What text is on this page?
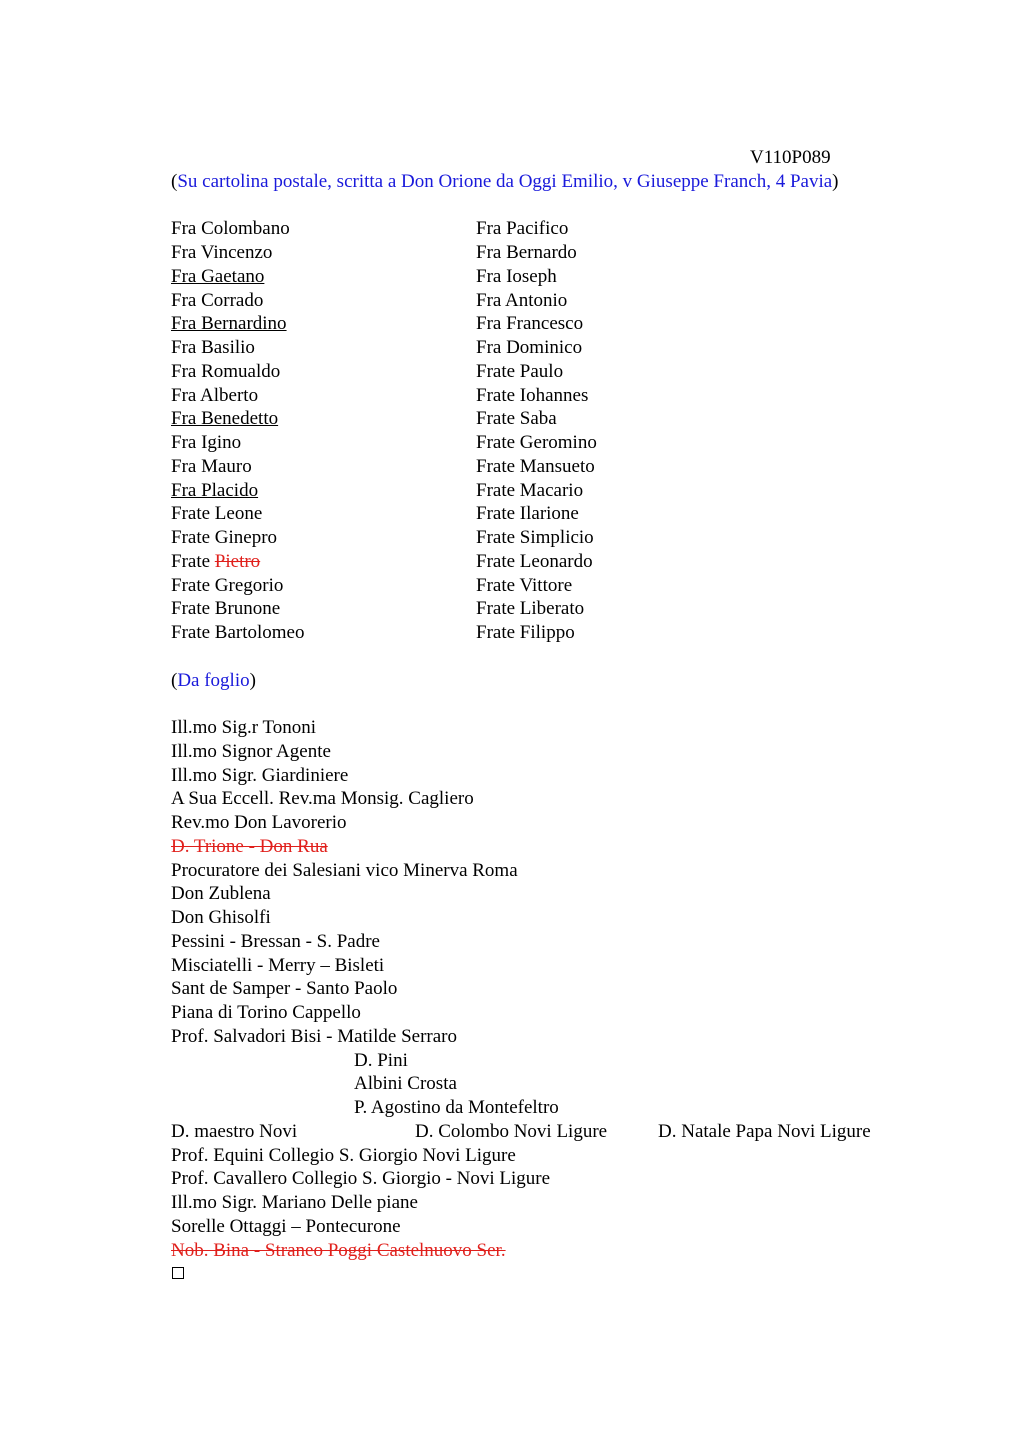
V110P089
(Su cartolina postale, scritta a Don Orione da Oggi Emilio, v Giuseppe Franch, 4 Pavia)
Fra Colombano
Fra Vincenzo
Fra Gaetano
Fra Corrado
Fra Bernardino
Fra Basilio
Fra Romualdo
Fra Alberto
Fra Benedetto
Fra Igino
Fra Mauro
Fra Placido
Frate Leone
Frate Ginepro
Frate Pietro
Frate Gregorio
Frate Brunone
Frate Bartolomeo
Fra Pacifico
Fra Bernardo
Fra Ioseph
Fra Antonio
Fra Francesco
Fra Dominico
Frate Paulo
Frate Iohannes
Frate Saba
Frate Geromino
Frate Mansueto
Frate Macario
Frate Ilarione
Frate Simplicio
Frate Leonardo
Frate Vittore
Frate Liberato
Frate Filippo
(Da foglio)
Ill.mo Sig.r Tononi
Ill.mo Signor Agente
Ill.mo Sigr. Giardiniere
A Sua Eccell. Rev.ma Monsig. Cagliero
Rev.mo Don Lavorerio
D. Trione - Don Rua
Procuratore dei Salesiani vico Minerva Roma
Don Zublena
Don Ghisolfi
Pessini - Bressan - S. Padre
Misciatelli - Merry – Bisleti
Sant de Samper - Santo Paolo
Piana di Torino Cappello
Prof. Salvadori Bisi - Matilde Serraro
D. Pini
Albini Crosta
P. Agostino da Montefeltro
D. maestro Novi	D. Colombo Novi Ligure	D. Natale Papa Novi Ligure
Prof. Equini Collegio S. Giorgio Novi Ligure
Prof. Cavallero Collegio S. Giorgio - Novi Ligure
Ill.mo Sigr. Mariano Delle piane
Sorelle Ottaggi – Pontecurone
Nob. Bina - Straneo Poggi Castelnuovo Ser.
